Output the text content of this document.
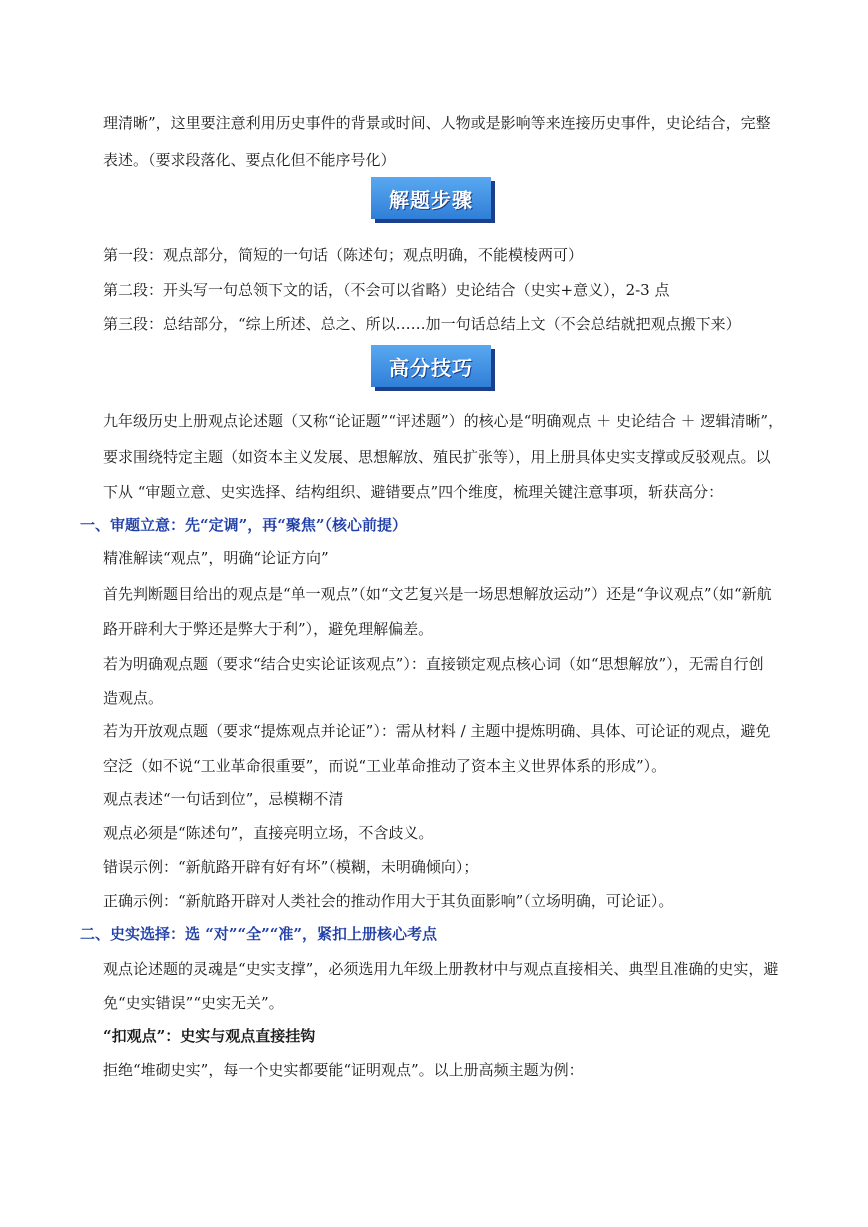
理清晰”，这里要注意利用历史事件的背景或时间、人物或是影响等来连接历史事件，史论结合，完整
表述。（要求段落化、要点化但不能序号化）
解题步骤
第一段：观点部分，简短的一句话（陈述句；观点明确，不能模棱两可）
第二段：开头写一句总领下文的话，（不会可以省略）史论结合（史实+意义），2-3 点
第三段：总结部分，“综上所述、总之、所以……加一句话总结上文（不会总结就把观点搬下来）
高分技巧
九年级历史上册观点论述题（又称“论证题”“评述题”）的核心是“明确观点 ＋ 史论结合 ＋ 逻辑清晰”，
要求围绕特定主题（如资本主义发展、思想解放、殖民扩张等），用上册具体史实支撑或反驳观点。以
下从 “审题立意、史实选择、结构组织、避错要点”四个维度，梳理关键注意事项，斩获高分：
一、审题立意：先“定调”，再“聚焦”（核心前提）
精准解读“观点”，明确“论证方向”
首先判断题目给出的观点是“单一观点”（如“文艺复兴是一场思想解放运动”）还是“争议观点”（如“新航
路开辟利大于弊还是弊大于利”），避免理解偏差。
若为明确观点题（要求“结合史实论证该观点”）：直接锁定观点核心词（如“思想解放”），无需自行创
造观点。
若为开放观点题（要求“提炼观点并论证”）：需从材料 / 主题中提炼明确、具体、可论证的观点，避免
空泛（如不说“工业革命很重要”，而说“工业革命推动了资本主义世界体系的形成”）。
观点表述“一句话到位”，忌模糊不清
观点必须是“陈述句”，直接亮明立场，不含歧义。
错误示例：“新航路开辟有好有坏”（模糊，未明确倾向）；
正确示例：“新航路开辟对人类社会的推动作用大于其负面影响”（立场明确，可论证）。
二、史实选择：选 “对”“全”“准”，紧扣上册核心考点
观点论述题的灵魂是“史实支撑”，必须选用九年级上册教材中与观点直接相关、典型且准确的史实，避
免“史实错误”“史实无关”。
“扣观点”：史实与观点直接挂钩
拒绝“堆砌史实”，每一个史实都要能“证明观点”。以上册高频主题为例：
